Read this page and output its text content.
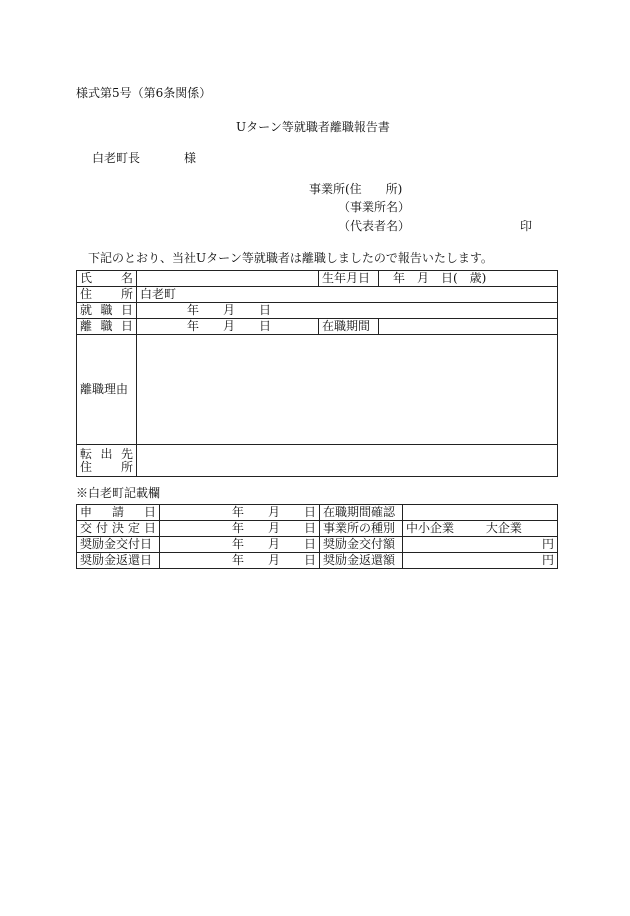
様式第5号（第6条関係）
Uターン等就職者離職報告書
白老町長	様
事業所(住　　所)
（事業所名）
（代表者名）	印
下記のとおり、当社Uターン等就職者は離職しましたので報告いたします。
氏　　名		生年月日	年　月　日(　歳)
住　　所	白老町		
就 職 日	年　　月　　日		
離 職 日	年　　月　　日	在職期間	
離職理由			

転 出 先
住　　所			

※白老町記載欄
申　請　日	年　　月　　日	在職期間確認	
交付決定日	年　　月　　日	事業所の種別	中小企業 大企業
奨励金交付日	年　　月　　日	奨励金交付額	円
奨励金返還日	年　　月　　日	奨励金返還額	円
